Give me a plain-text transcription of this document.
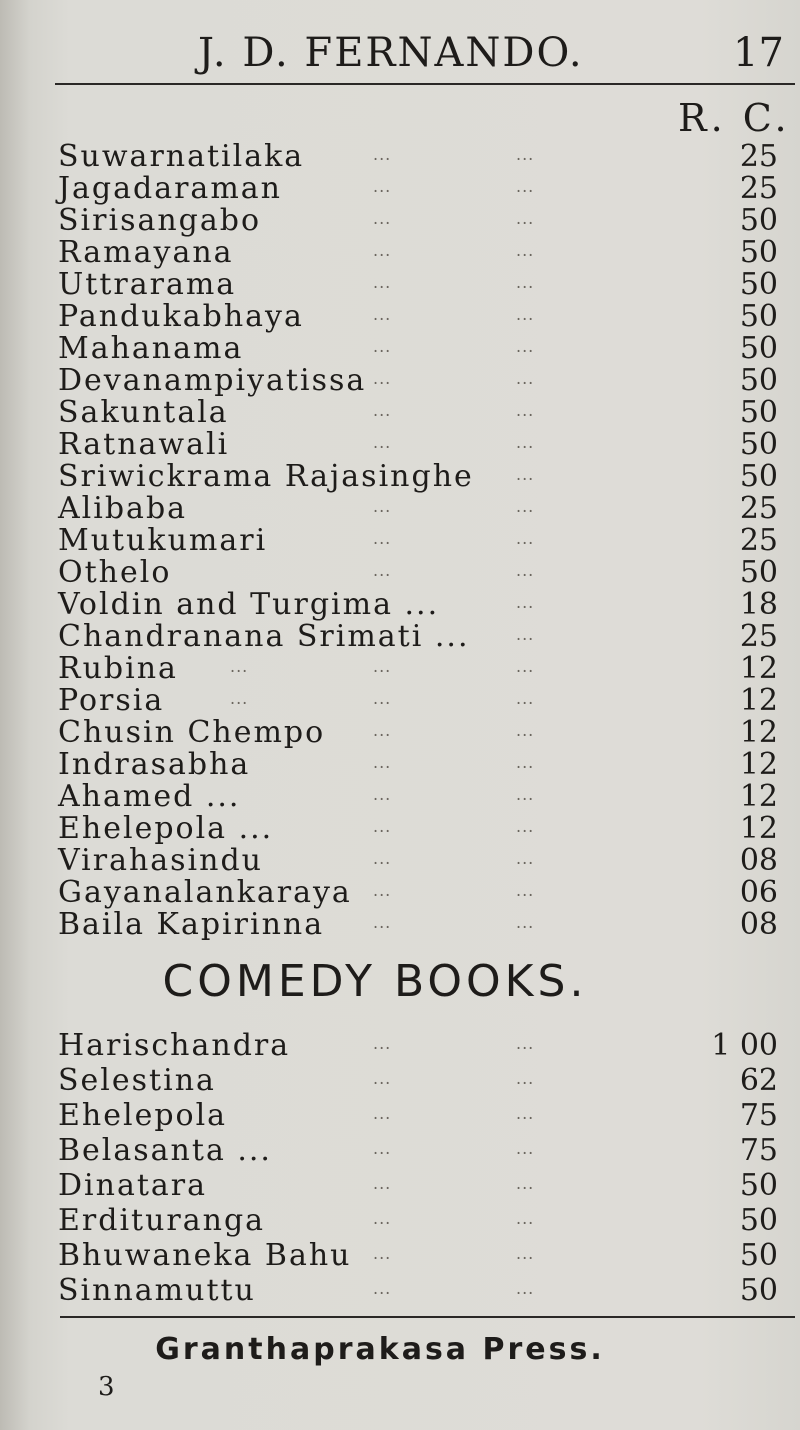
J. D. FERNANDO.	17
R. C.
Suwarnatilaka	...	...	25
Jagadaraman	...	...	25
Sirisangabo	...	...	50
Ramayana	...	...	50
Uttrarama	...	...	50
Pandukabhaya	...	...	50
Mahanama	...	...	50
Devanampiyatissa ...	...	50
Sakuntala	...	...	50
Ratnawali	...	...	50
Sriwickrama Rajasinghe	...	50
Alibaba	...	...	25
Mutukumari	...	...	25
Othelo	...	...	50
Voldin and Turgima ...	...	18
Chandranana Srimati ...	...	25
Rubina	...	...	...	12
Porsia	...	...	...	12
Chusin Chempo	...	...	12
Indrasabha	...	...	12
Ahamed ...	...	...	12
Ehelepola ...	...	...	12
Virahasindu	...	...	08
Gayanalankaraya ...	...	06
Baila Kapirinna	...	...	08
COMEDY BOOKS.
Harischandra	...	...	1 00
Selestina	...	...	62
Ehelepola	...	...	75
Belasanta ...	...	...	75
Dinatara	...	...	50
Erdituranga	...	...	50
Bhuwaneka Bahu ...	...	50
Sinnamuttu	...	...	50
Granthaprakasa Press.
3
